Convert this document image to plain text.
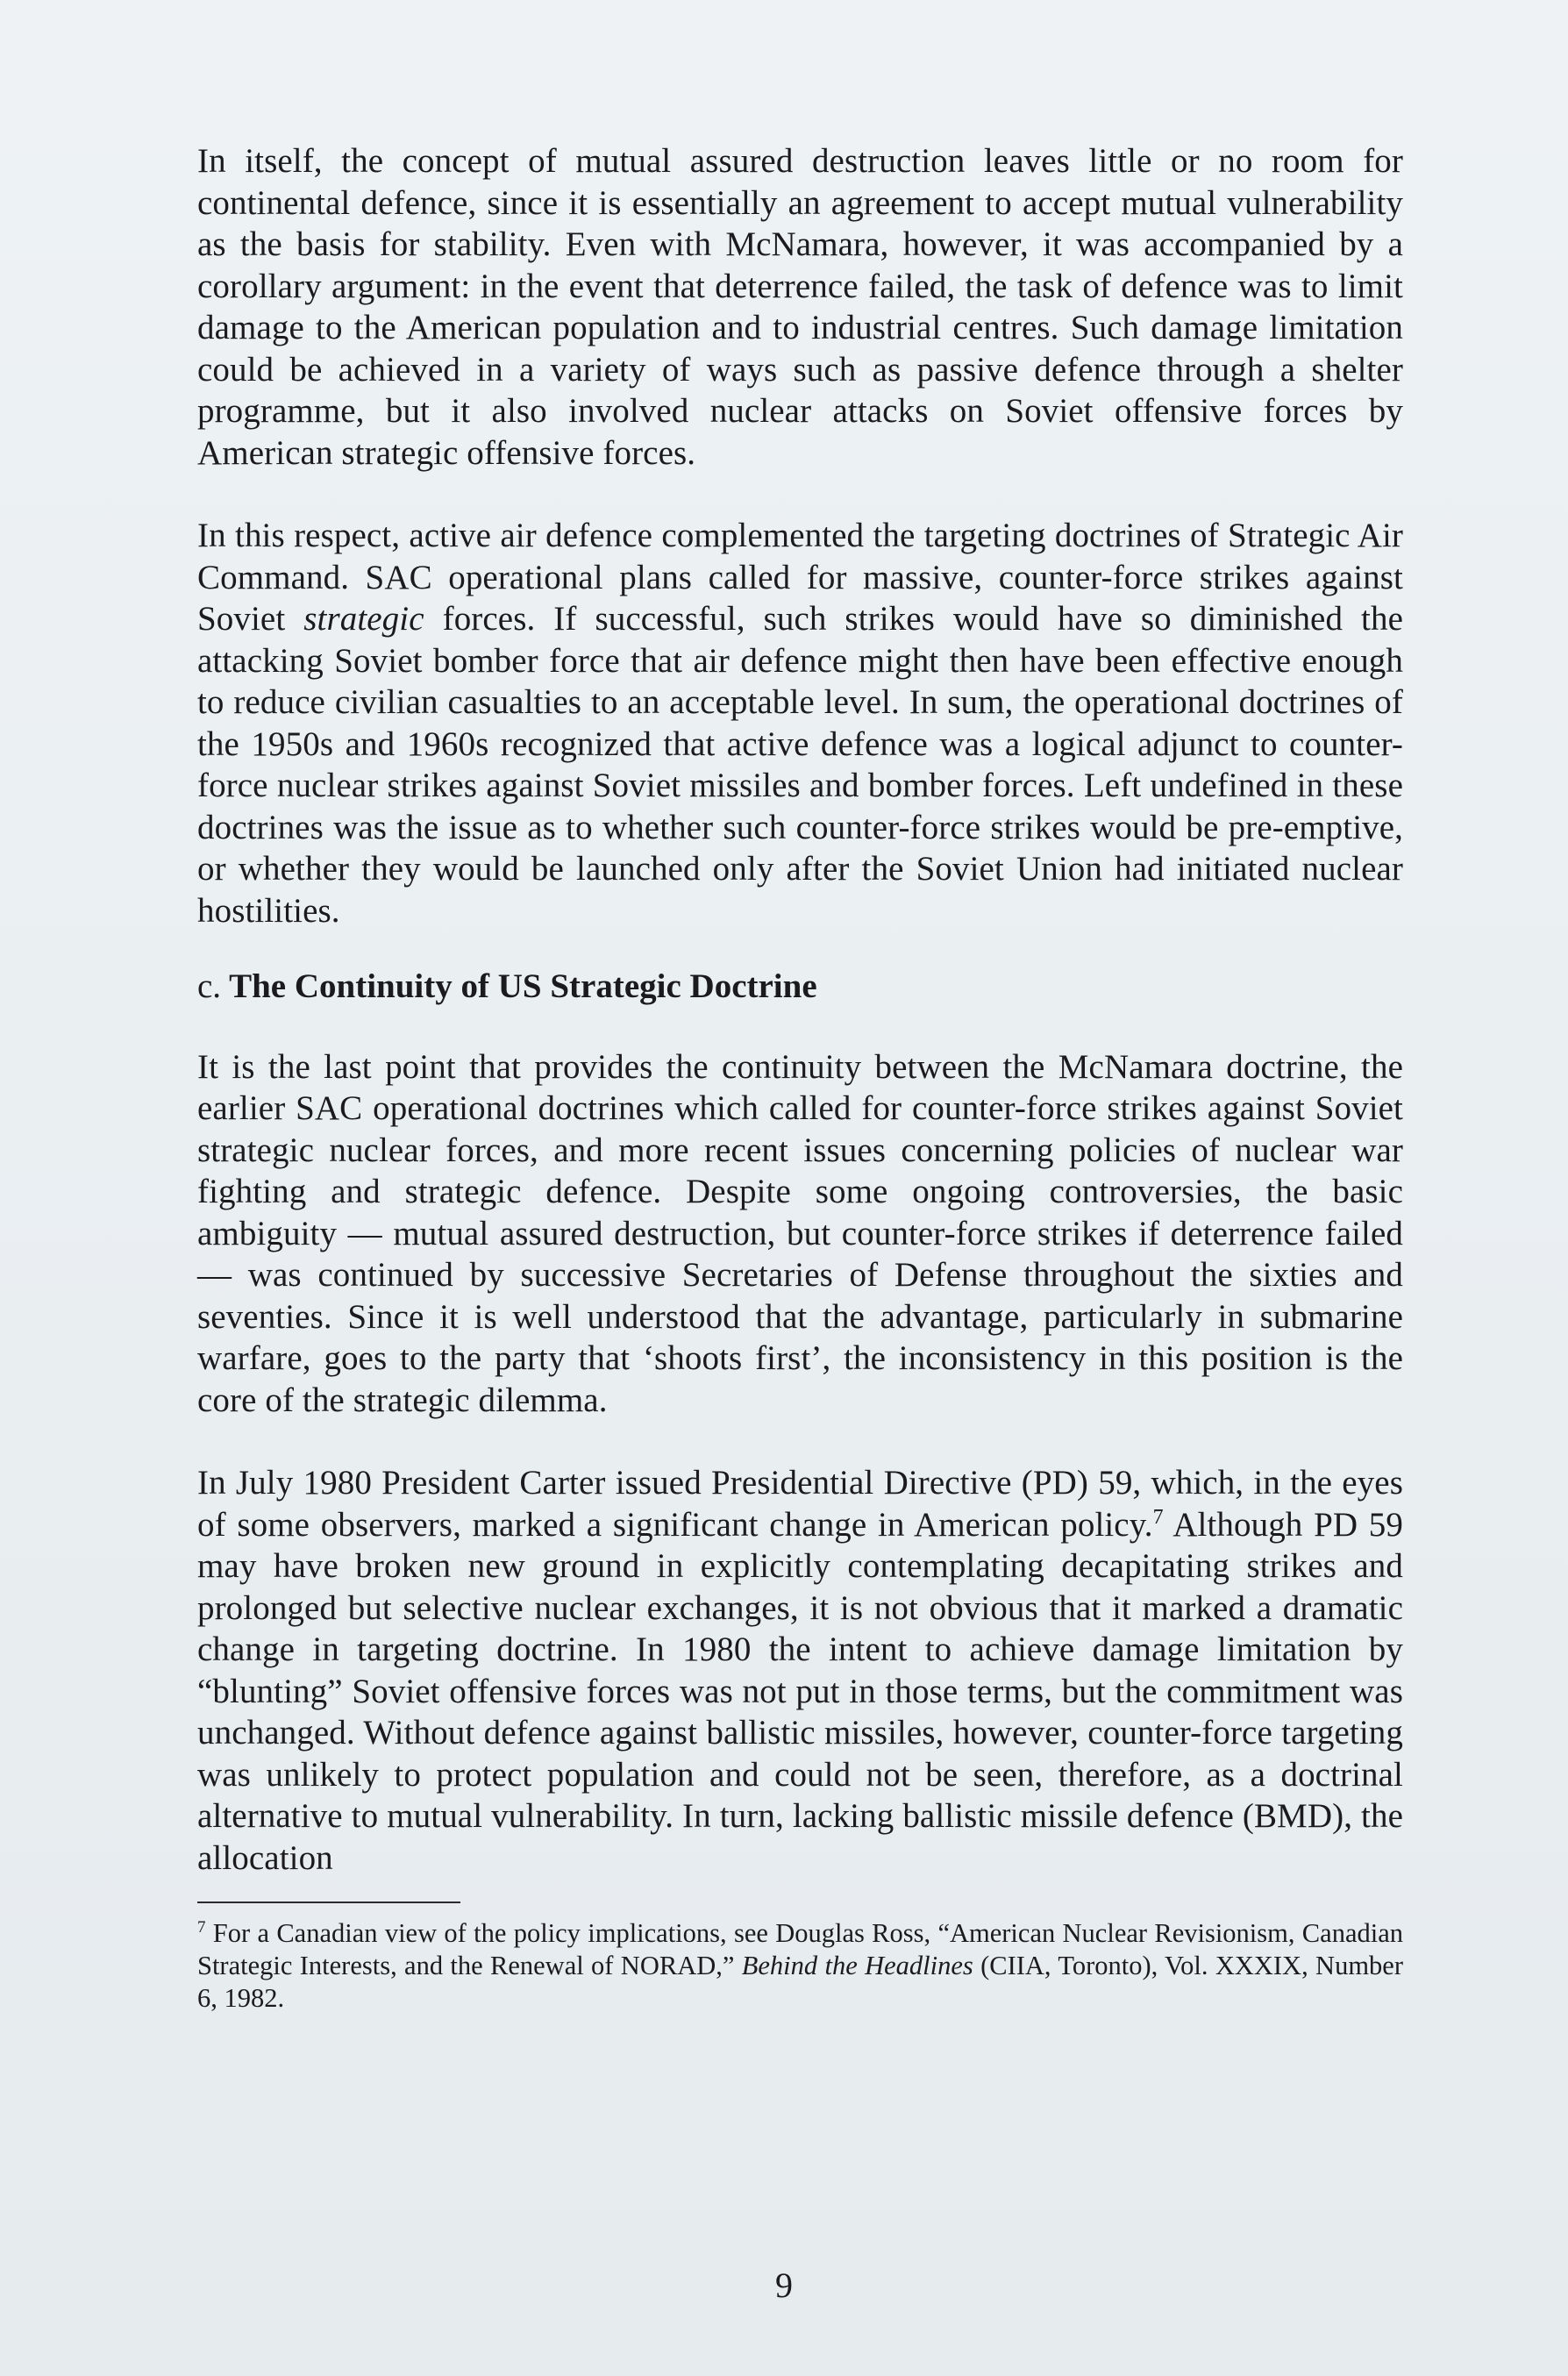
In itself, the concept of mutual assured destruction leaves little or no room for continental defence, since it is essentially an agreement to accept mutual vulnerability as the basis for stability. Even with McNamara, however, it was accompanied by a corollary argument: in the event that deterrence failed, the task of defence was to limit damage to the American population and to industrial centres. Such damage limitation could be achieved in a variety of ways such as passive defence through a shelter programme, but it also involved nuclear attacks on Soviet offensive forces by American strategic offensive forces.

In this respect, active air defence complemented the targeting doctrines of Strategic Air Command. SAC operational plans called for massive, counter-force strikes against Soviet strategic forces. If successful, such strikes would have so diminished the attacking Soviet bomber force that air defence might then have been effective enough to reduce civilian casualties to an acceptable level. In sum, the operational doctrines of the 1950s and 1960s recognized that active defence was a logical adjunct to counter-force nuclear strikes against Soviet missiles and bomber forces. Left undefined in these doctrines was the issue as to whether such counter-force strikes would be pre-emptive, or whether they would be launched only after the Soviet Union had initiated nuclear hostilities.

c. The Continuity of US Strategic Doctrine

It is the last point that provides the continuity between the McNamara doctrine, the earlier SAC operational doctrines which called for counter-force strikes against Soviet strategic nuclear forces, and more recent issues concerning policies of nuclear war fighting and strategic defence. Despite some ongoing controversies, the basic ambiguity — mutual assured destruction, but counter-force strikes if deterrence failed — was continued by successive Secretaries of Defense throughout the sixties and seventies. Since it is well understood that the advantage, particularly in submarine warfare, goes to the party that ‘shoots first’, the inconsistency in this position is the core of the strategic dilemma.

In July 1980 President Carter issued Presidential Directive (PD) 59, which, in the eyes of some observers, marked a significant change in American policy.$^7$ Although PD 59 may have broken new ground in explicitly contemplating decapitating strikes and prolonged but selective nuclear exchanges, it is not obvious that it marked a dramatic change in targeting doctrine. In 1980 the intent to achieve damage limitation by “blunting” Soviet offensive forces was not put in those terms, but the commitment was unchanged. Without defence against ballistic missiles, however, counter-force targeting was unlikely to protect population and could not be seen, therefore, as a doctrinal alternative to mutual vulnerability. In turn, lacking ballistic missile defence (BMD), the allocation

$^7$ For a Canadian view of the policy implications, see Douglas Ross, “American Nuclear Revisionism, Canadian Strategic Interests, and the Renewal of NORAD,” Behind the Headlines (CIIA, Toronto), Vol. XXXIX, Number 6, 1982.

9
